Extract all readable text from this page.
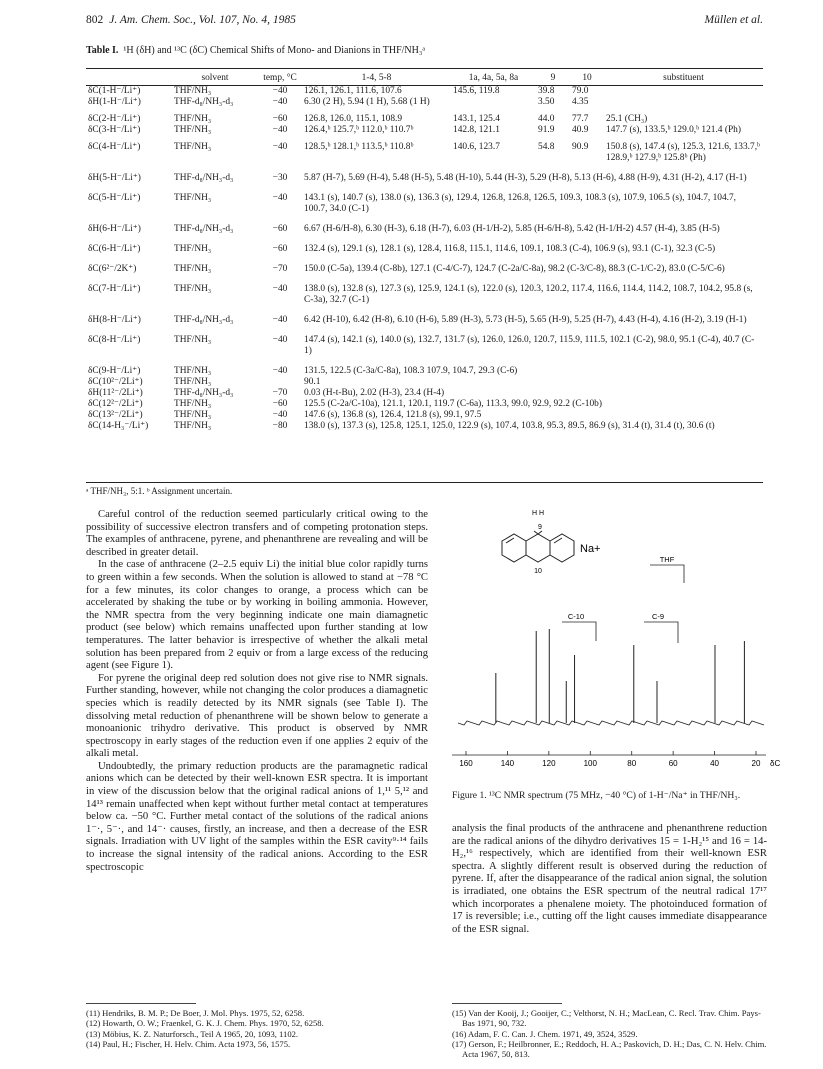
802 J. Am. Chem. Soc., Vol. 107, No. 4, 1985	Müllen et al.
Table I. ¹H (δH) and ¹³C (δC) Chemical Shifts of Mono- and Dianions in THF/NH₃ᵃ
	solvent	temp, °C	1-4, 5-8	1a, 4a, 5a, 8a	9	10	substituent
δC(1-H⁻/Li⁺)	THF/NH₃	−40	126.1, 126.1, 111.6, 107.6	145.6, 119.8	39.8	79.0	
δH(1-H⁻/Li⁺)	THF-d₈/NH₃-d₃	−40	6.30 (2 H), 5.94 (1 H), 5.68 (1 H)		3.50	4.35	
δC(2-H⁻/Li⁺)	THF/NH₃	−60	126.8, 126.0, 115.1, 108.9	143.1, 125.4	44.0	77.7	25.1 (CH₃)
δC(3-H⁻/Li⁺)	THF/NH₃	−40	126.4,ᵇ 125.7,ᵇ 112.0,ᵇ 110.7ᵇ	142.8, 121.1	91.9	40.9	147.7 (s), 133.5,ᵇ 129.0,ᵇ 121.4 (Ph)
δC(4-H⁻/Li⁺)	THF/NH₃	−40	128.5,ᵇ 128.1,ᵇ 113.5,ᵇ 110.8ᵇ	140.6, 123.7	54.8	90.9	150.8 (s), 147.4 (s), 125.3, 121.6, 133.7,ᵇ 128.9,ᵇ 127.9,ᵇ 125.8ᵇ (Ph)
δH(5-H⁻/Li⁺)	THF-d₈/NH₃-d₃	−30	5.87 (H-7), 5.69 (H-4), 5.48 (H-5), 5.48 (H-10), 5.44 (H-3), 5.29 (H-8), 5.13 (H-6), 4.88 (H-9), 4.31 (H-2), 4.17 (H-1)				
δC(5-H⁻/Li⁺)	THF/NH₃	−40	143.1 (s), 140.7 (s), 138.0 (s), 136.3 (s), 129.4, 126.8, 126.8, 126.5, 109.3, 108.3 (s), 107.9, 106.5 (s), 104.7, 104.7, 100.7, 34.0 (C-1)				
δH(6-H⁻/Li⁺)	THF-d₈/NH₃-d₃	−60	6.67 (H-6/H-8), 6.30 (H-3), 6.18 (H-7), 6.03 (H-1/H-2), 5.85 (H-6/H-8), 5.42 (H-1/H-2) 4.57 (H-4), 3.85 (H-5)				
δC(6-H⁻/Li⁺)	THF/NH₃	−60	132.4 (s), 129.1 (s), 128.1 (s), 128.4, 116.8, 115.1, 114.6, 109.1, 108.3 (C-4), 106.9 (s), 93.1 (C-1), 32.3 (C-5)				
δC(6²⁻/2K⁺)	THF/NH₃	−70	150.0 (C-5a), 139.4 (C-8b), 127.1 (C-4/C-7), 124.7 (C-2a/C-8a), 98.2 (C-3/C-8), 88.3 (C-1/C-2), 83.0 (C-5/C-6)				
δC(7-H⁻/Li⁺)	THF/NH₃	−40	138.0 (s), 132.8 (s), 127.3 (s), 125.9, 124.1 (s), 122.0 (s), 120.3, 120.2, 117.4, 116.6, 114.4, 114.2, 108.7, 104.2, 95.8 (s, C-3a), 32.7 (C-1)				
δH(8-H⁻/Li⁺)	THF-d₈/NH₃-d₃	−40	6.42 (H-10), 6.42 (H-8), 6.10 (H-6), 5.89 (H-3), 5.73 (H-5), 5.65 (H-9), 5.25 (H-7), 4.43 (H-4), 4.16 (H-2), 3.19 (H-1)				
δC(8-H⁻/Li⁺)	THF/NH₃	−40	147.4 (s), 142.1 (s), 140.0 (s), 132.7, 131.7 (s), 126.0, 126.0, 120.7, 115.9, 111.5, 102.1 (C-2), 98.0, 95.1 (C-4), 40.7 (C-1)				
δC(9-H⁻/Li⁺)	THF/NH₃	−40	131.5, 122.5 (C-3a/C-8a), 108.3 107.9, 104.7, 29.3 (C-6)				
δC(10²⁻/2Li⁺)	THF/NH₃		90.1				
δH(11²⁻/2Li⁺)	THF-d₈/NH₃-d₃	−70	0.03 (H-t-Bu), 2.02 (H-3), 23.4 (H-4)				
δC(12²⁻/2Li⁺)	THF/NH₃	−60	125.5 (C-2a/C-10a), 121.1, 120.1, 119.7 (C-6a), 113.3, 99.0, 92.9, 92.2 (C-10b)				
δC(13²⁻/2Li⁺)	THF/NH₃	−40	147.6 (s), 136.8 (s), 126.4, 121.8 (s), 99.1, 97.5				
δC(14-H₃⁻/Li⁺)	THF/NH₃	−80	138.0 (s), 137.3 (s), 125.8, 125.1, 125.0, 122.9 (s), 107.4, 103.8, 95.3, 89.5, 86.9 (s), 31.4 (t), 31.4 (t), 30.6 (t)				
ᵃ THF/NH₃, 5:1. ᵇ Assignment uncertain.

Careful control of the reduction seemed particularly critical owing to the possibility of successive electron transfers and of competing protonation steps. The examples of anthracene, pyrene, and phenanthrene are revealing and will be described in greater detail.

In the case of anthracene (2–2.5 equiv Li) the initial blue color rapidly turns to green within a few seconds. When the solution is allowed to stand at −78 °C for a few minutes, its color changes to orange, a process which can be accelerated by shaking the tube or by working in boiling ammonia. However, the NMR spectra from the very beginning indicate one main diamagnetic product (see below) which remains unaffected upon further standing at low temperatures. The latter behavior is irrespective of whether the alkali metal solution has been prepared from 2 equiv or from a large excess of the reducing agent (see Figure 1).

For pyrene the original deep red solution does not give rise to NMR signals. Further standing, however, while not changing the color produces a diamagnetic species which is readily detected by its NMR signals (see Table I). The dissolving metal reduction of phenanthrene will be shown below to generate a monoanionic trihydro derivative. This product is observed by NMR spectroscopy in early stages of the reduction even if one applies 2 equiv of the alkali metal.

Undoubtedly, the primary reduction products are the paramagnetic radical anions which can be detected by their well-known ESR spectra. It is important in view of the discussion below that the original radical anions of 1,¹¹ 5,¹² and 14¹³ remain unaffected when kept without further metal contact at temperatures below ca. −50 °C. Further metal contact of the solutions of the radical anions 1⁻·, 5⁻·, and 14⁻· causes, firstly, an increase, and then a decrease of the ESR signals. Irradiation with UV light of the samples within the ESR cavity⁹·¹⁴ fails to increase the signal intensity of the radical anions. According to the ESR spectroscopic

H H
9
10
Na+
THF
C-10	C-9
160	140	120	100	80	60	40	20 δC
Figure 1. ¹³C NMR spectrum (75 MHz, −40 °C) of 1-H⁻/Na⁺ in THF/NH₃.

analysis the final products of the anthracene and phenanthrene reduction are the radical anions of the dihydro derivatives 15 = 1-H₂¹⁵ and 16 = 14-H₂,¹⁶ respectively, which are identified from their well-known ESR spectra. A slightly different result is observed during the reduction of pyrene. If, after the disappearance of the radical anion signal, the solution is irradiated, one obtains the ESR spectrum of the neutral radical 17¹⁷ which incorporates a phenalene moiety. The photoinduced formation of 17 is reversible; i.e., cutting off the light causes immediate disappearance of the ESR signal.

(11) Hendriks, B. M. P.; De Boer, J. Mol. Phys. 1975, 52, 6258.
(12) Howarth, O. W.; Fraenkel, G. K. J. Chem. Phys. 1970, 52, 6258.
(13) Möbius, K. Z. Naturforsch., Teil A 1965, 20, 1093, 1102.
(14) Paul, H.; Fischer, H. Helv. Chim. Acta 1973, 56, 1575.
(15) Van der Kooij, J.; Gooijer, C.; Velthorst, N. H.; MacLean, C. Recl. Trav. Chim. Pays-Bas 1971, 90, 732.
(16) Adam, F. C. Can. J. Chem. 1971, 49, 3524, 3529.
(17) Gerson, F.; Heilbronner, E.; Reddoch, H. A.; Paskovich, D. H.; Das, C. N. Helv. Chim. Acta 1967, 50, 813.
